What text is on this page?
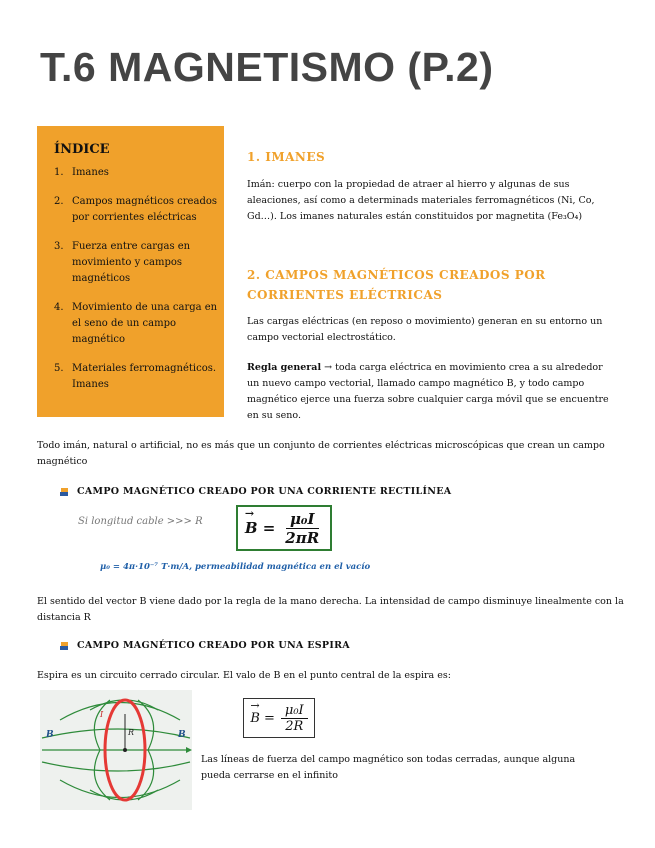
T.6 MAGNETISMO (P.2)
ÍNDICE
1. Imanes
2. Campos magnéticos creados por corrientes eléctricas
3. Fuerza entre cargas en movimiento y campos magnéticos
4. Movimiento de una carga en el seno de un campo magnético
5. Materiales ferromagnéticos. Imanes
1. IMANES
Imán: cuerpo con la propiedad de atraer al hierro y algunas de sus aleaciones, así como a determinads materiales ferromagnéticos (Ni, Co, Gd…). Los imanes naturales están constituidos por magnetita (Fe₃O₄)
2. CAMPOS MAGNÉTICOS CREADOS POR
CORRIENTES ELÉCTRICAS
Las cargas eléctricas (en reposo o movimiento) generan en su entorno un campo vectorial electrostático.
Regla general → toda carga eléctrica en movimiento crea a su alrededor un nuevo campo vectorial, llamado campo magnético B, y todo campo magnético ejerce una fuerza sobre cualquier carga móvil que se encuentre en su seno.
Todo imán, natural o artificial, no es más que un conjunto de corrientes eléctricas microscópicas que crean un campo magnético
CAMPO MAGNÉTICO CREADO POR UNA CORRIENTE RECTILÍNEA
Si longitud cable >>> R	→ $B = \frac{\text{μ₀I}}{2\pi R}$
μ₀ = 4π·10⁻⁷ T·m/A, permeabilidad magnética en el vacío
El sentido del vector B viene dado por la regla de la mano derecha. La intensidad de campo disminuye linealmente con la distancia R
CAMPO MAGNÉTICO CREADO POR UNA ESPIRA
Espira es un circuito cerrado circular. El valo de B en el punto central de la espira es:
B	B
R
I	→ $B = \frac{\text{μ₀I}}{2R}$
Las líneas de fuerza del campo magnético son todas cerradas, aunque alguna pueda cerrarse en el infinito
